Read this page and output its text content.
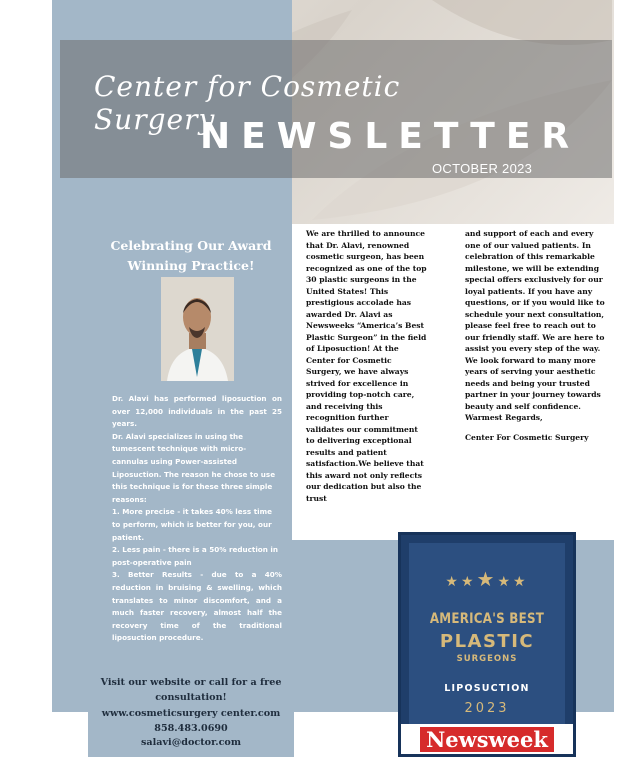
Center for Cosmetic Surgery
NEWSLETTER
OCTOBER 2023
Celebrating Our Award Winning Practice!

Dr. Alavi has performed liposuction on over 12,000 individuals in the past 25 years.

Dr. Alavi specializes in using the tumescent technique with micro-cannulas using Power-assisted Liposuction. The reason he chose to use this technique is for these three simple reasons:

1. More precise - it takes 40% less time to perform, which is better for you, our patient.

2. Less pain - there is a 50% reduction in post-operative pain

3. Better Results - due to a 40% reduction in bruising & swelling, which translates to minor discomfort, and a much faster recovery, almost half the recovery time of the traditional liposuction procedure.

Visit our website or call for a free consultation!

www.cosmeticsurgery center.com
858.483.0690
salavi@doctor.com

We are thrilled to announce that Dr. Alavi, renowned cosmetic surgeon, has been recognized as one of the top 30 plastic surgeons in the United States! This prestigious accolade has awarded Dr. Alavi as Newsweeks “America’s Best Plastic Surgeon” in the field of Liposuction! At the Center for Cosmetic Surgery, we have always strived for excellence in providing top-notch care, and receiving this recognition further validates our commitment to delivering exceptional results and patient satisfaction.We believe that this award not only reflects our dedication but also the trust

and support of each and every one of our valued patients. In celebration of this remarkable milestone, we will be extending special offers exclusively for our loyal patients. If you have any questions, or if you would like to schedule your next consultation, please feel free to reach out to our friendly staff. We are here to assist you every step of the way. We look forward to many more years of serving your aesthetic needs and being your trusted partner in your journey towards beauty and self confidence. Warmest Regards,

Center For Cosmetic Surgery

★★★★★
AMERICA'S BEST
PLASTIC
SURGEONS
LIPOSUCTION
2023
Newsweek
